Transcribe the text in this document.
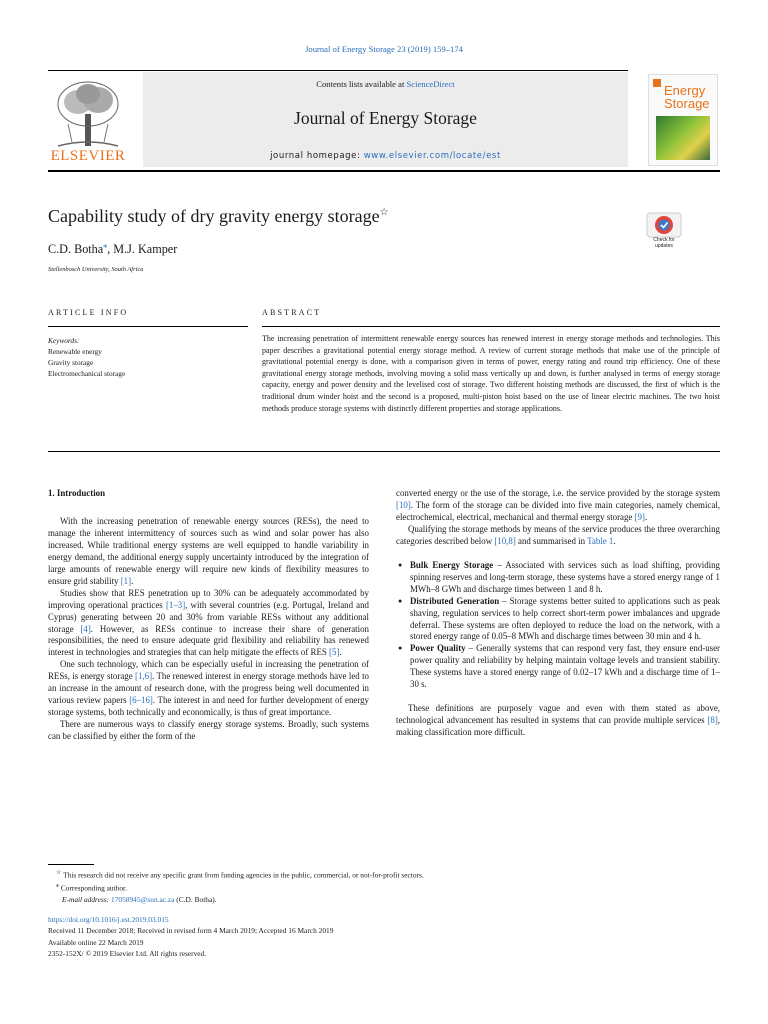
Journal of Energy Storage 23 (2019) 159–174
ELSEVIER
Contents lists available at ScienceDirect
Journal of Energy Storage
journal homepage: www.elsevier.com/locate/est
Energy
Storage
Capability study of dry gravity energy storage☆
C.D. Botha⁎, M.J. Kamper
Stellenbosch University, South Africa
Check for updates
ARTICLE INFO	ABSTRACT
Keywords:
Renewable energy
Gravity storage
Electromechanical storage
The increasing penetration of intermittent renewable energy sources has renewed interest in energy storage methods and technologies. This paper describes a gravitational potential energy storage method. A review of current storage methods that make use of the principle of gravitational potential energy is done, with a comparison given in terms of power, energy rating and round trip efficiency. One of these gravitational energy storage methods, involving moving a solid mass vertically up and down, is further analysed in terms of energy storage capacity, energy and power density and the levelised cost of storage. Two different hoisting methods are discussed, the first of which is the traditional drum winder hoist and the second is a proposed, multi-piston hoist based on the use of linear electric machines. The two hoist methods produce storage systems with distinctly different properties and storage applications.

1. Introduction

With the increasing penetration of renewable energy sources (RESs), the need to manage the inherent intermittency of sources such as wind and solar power has also increased. While traditional energy systems are well equipped to handle variability in energy demand, the additional energy supply uncertainty introduced by the integration of large amounts of renewable energy will require new kinds of flexibility measures to ensure grid stability [1].

Studies show that RES penetration up to 30% can be adequately accommodated by improving operational practices [1–3], with several countries (e.g. Portugal, Ireland and Cyprus) generating between 20 and 30% from variable RESs without any additional storage [4]. However, as RESs continue to increase their share of generation responsibilities, the need to ensure adequate grid flexibility and reliability has renewed interest in technologies and strategies that can help mitigate the effects of RES [5].

One such technology, which can be especially useful in increasing the penetration of RESs, is energy storage [1,6]. The renewed interest in energy storage methods have led to an increase in the amount of research done, with the progress being well documented in various review papers [6–16]. The interest in and need for further development of energy storage systems, both technically and economically, is thus of great importance.

There are numerous ways to classify energy storage systems. Broadly, such systems can be classified by either the form of the

converted energy or the use of the storage, i.e. the service provided by the storage system [10]. The form of the storage can be divided into five main categories, namely chemical, electrochemical, electrical, mechanical and thermal energy storage [9].

Qualifying the storage methods by means of the service produces the three overarching categories described below [10,8] and summarised in Table 1.

● Bulk Energy Storage – Associated with services such as load shifting, providing spinning reserves and long-term storage, these systems have a stored energy range of 1 MWh–8 GWh and discharge times between 1 and 8 h.
● Distributed Generation – Storage systems better suited to applications such as peak shaving, regulation services to help correct short-term power imbalances and upgrade deferral. These systems are often deployed to reduce the load on the network, with a stored energy range of 0.05–8 MWh and discharge times between 30 min and 4 h.
● Power Quality – Generally systems that can respond very fast, they ensure end-user power quality and reliability by helping maintain voltage levels and transient stability. These systems have a stored energy range of 0.02–17 kWh and a discharge time of 1–30 s.

These definitions are purposely vague and even with them stated as above, technological advancement has resulted in systems that can provide multiple services [8], making classification more difficult.

☆ This research did not receive any specific grant from funding agencies in the public, commercial, or not-for-profit sectors.
⁎ Corresponding author.
E-mail address: 17058945@sun.ac.za (C.D. Botha).
https://doi.org/10.1016/j.est.2019.03.015
Received 11 December 2018; Received in revised form 4 March 2019; Accepted 16 March 2019
Available online 22 March 2019
2352-152X/ © 2019 Elsevier Ltd. All rights reserved.
